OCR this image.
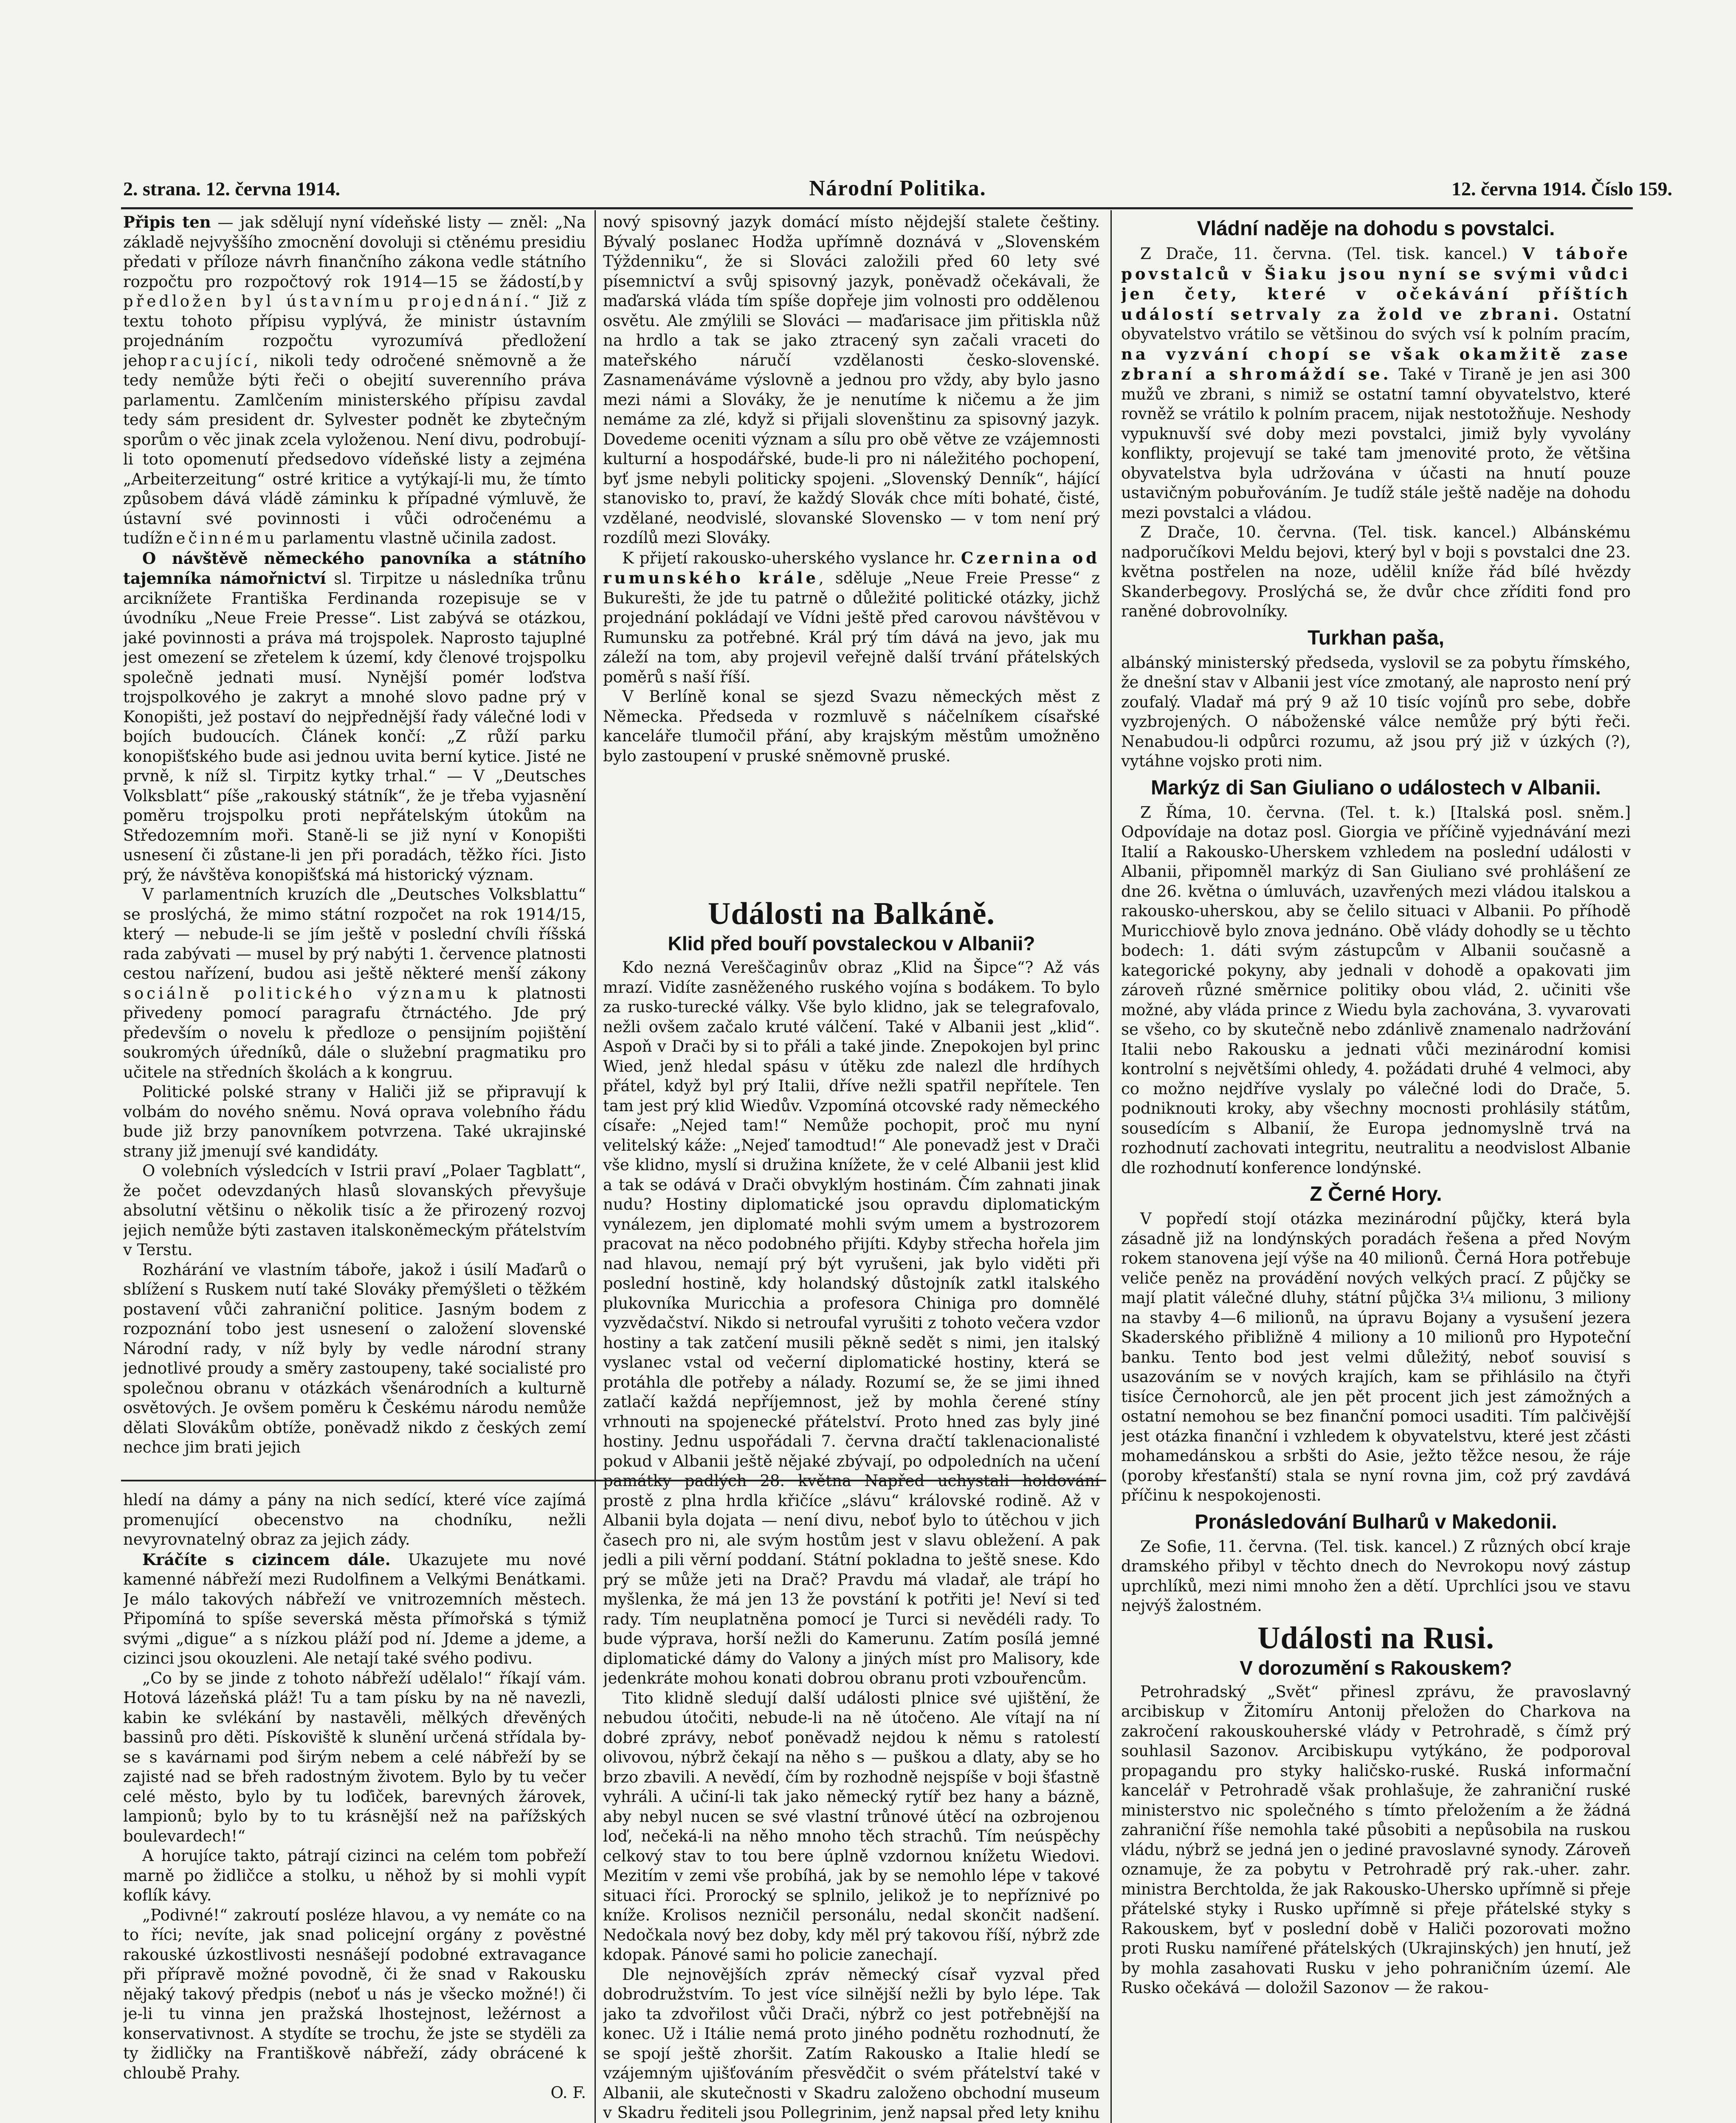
2. strana. 12. června 1914.	Národní Politika.	12. června 1914. Číslo 159.

Připis ten — jak sdělují nyní vídeňské listy — zněl: „Na základě nejvyššího zmocnění dovoluji si ctěnému presidiu předati v příloze návrh finančního zákona vedle státního rozpočtu pro rozpočtový rok 1914—15 se žádostí,by předložen byl ústavnímu projednání.“ Již z textu tohoto přípisu vyplývá, že ministr ústavním projednáním rozpočtu vyrozumívá předložení jehopracující, nikoli tedy odročené sněmovně a že tedy nemůže býti řeči o obejití suverenního práva parlamentu. Zamlčením ministerského přípisu zavdal tedy sám president dr. Sylvester podnět ke zbytečným sporům o věc jinak zcela vyloženou. Není divu, podrobují-li toto opomenutí předsedovo vídeňské listy a zejména „Arbeiterzeitung“ ostré kritice a vytýkají-li mu, že tímto způsobem dává vládě záminku k případné výmluvě, že ústavní své povinnosti i vůči odročenému a tudížnečinnému parlamentu vlastně učinila zadost.

O návštěvě německého panovníka a státního tajemníka námořnictví sl. Tirpitze u následníka trůnu arciknížete Františka Ferdinanda rozepisuje se v úvodníku „Neue Freie Presse“. List zabývá se otázkou, jaké povinnosti a práva má trojspolek. Naprosto tajuplné jest omezení se zřetelem k území, kdy členové trojspolku společně jednati musí. Nynější pomér loďstva trojspolkového je zakryt a mnohé slovo padne prý v Konopišti, jež postaví do nejpřednější řady válečné lodi v bojích budoucích. Článek končí: „Z růží parku konopišťského bude asi jednou uvita berní kytice. Jisté ne prvně, k níž sl. Tirpitz kytky trhal.“ — V „Deutsches Volksblatt“ píše „rakouský státník“, že je třeba vyjasnění poměru trojspolku proti nepřátelským útokům na Středozemním moři. Staně-li se již nyní v Konopišti usnesení či zůstane-li jen při poradách, těžko říci. Jisto prý, že návštěva konopišťská má historický význam.

V parlamentních kruzích dle „Deutsches Volksblattu“ se proslýchá, že mimo státní rozpočet na rok 1914/15, který — nebude-li se jím ještě v poslední chvíli říšská rada zabývati — musel by prý nabýti 1. července platnosti cestou nařízení, budou asi ještě některé menší zákony sociálně politického významu k platnosti přivedeny pomocí paragrafu čtrnáctého. Jde prý především o novelu k předloze o pensijním pojištění soukromých úředníků, dále o služební pragmatiku pro učitele na středních školách a k kongruu.

Politické polské strany v Haliči již se připravují k volbám do nového sněmu. Nová oprava volebního řádu bude již brzy panovníkem potvrzena. Také ukrajinské strany již jmenují své kandidáty.

O volebních výsledcích v Istrii praví „Polaer Tagblatt“, že počet odevzdaných hlasů slovanských převyšuje absolutní většinu o několik tisíc a že přirozený rozvoj jejich nemůže býti zastaven italskoněmeckým přátelstvím v Terstu.

Rozhárání ve vlastním táboře, jakož i úsilí Maďarů o sblížení s Ruskem nutí také Slováky přemýšleti o těžkém postavení vůči zahraniční politice. Jasným bodem z rozpoznání tobo jest usnesení o založení slovenské Národní rady, v níž byly by vedle národní strany jednotlivé proudy a směry zastoupeny, také socialisté pro společnou obranu v otázkách všenárodních a kulturně osvětových. Je ovšem poměru k Českému národu nemůže dělati Slovákům obtíže, poněvadž nikdo z českých zemí nechce jim brati jejich

hledí na dámy a pány na nich sedící, které více zajímá promenující obecenstvo na chodníku, nežli nevyrovnatelný obraz za jejich zády.

Kráčíte s cizincem dále. Ukazujete mu nové kamenné nábřeží mezi Rudolfinem a Velkými Benátkami. Je málo takových nábřeží ve vnitrozemních městech. Připomíná to spíše severská města přímořská s týmiž svými „digue“ a s nízkou pláží pod ní. Jdeme a jdeme, a cizinci jsou okouzleni. Ale netají také svého podivu.

„Co by se jinde z tohoto nábřeží udělalo!“ říkají vám. Hotová lázeňská pláž! Tu a tam písku by na ně navezli, kabin ke svlékání by nastavěli, mělkých dřevěných bassinů pro děti. Pískoviště k slunění určená střídala by-se s kavárnami pod širým nebem a celé nábřeží by se zajisté nad se břeh radostným životem. Bylo by tu večer celé město, bylo by tu loďiček, barevných žárovek, lampionů; bylo by to tu krásnější než na pařížských boulevardech!“

A horujíce takto, pátrají cizinci na celém tom pobřeží marně po židličce a stolku, u něhož by si mohli vypít koflík kávy.

„Podivné!“ zakroutí posléze hlavou, a vy nemáte co na to říci; nevíte, jak snad policejní orgány z pověstné rakouské úzkostlivosti nesnášejí podobné extravagance při přípravě možné povodně, či že snad v Rakousku nějaký takový předpis (neboť u nás je všecko možné!) či je-li tu vinna jen pražská lhostejnost, ležérnost a konservativnost. A stydíte se trochu, že jste se stydëli za ty židličky na Františkově nábřeží, zády obrácené k chloubě Prahy.

O. F.

nový spisovný jazyk domácí místo nějdejší stalete češtiny. Bývalý poslanec Hodža upřímně doznává v „Slovenském Týždenniku“, že si Slováci založili před 60 lety své písemnictví a svůj spisovný jazyk, poněvadž očekávali, že maďarská vláda tím spíše dopřeje jim volnosti pro oddělenou osvětu. Ale zmýlili se Slováci — maďarisace jim přitiskla nůž na hrdlo a tak se jako ztracený syn začali vraceti do mateřského náručí vzdělanosti česko-slovenské. Zasnamenáváme výslovně a jednou pro vždy, aby bylo jasno mezi námi a Slováky, že je nenutíme k ničemu a že jim nemáme za zlé, když si přijali slovenštinu za spisovný jazyk. Dovedeme oceniti význam a sílu pro obě větve ze vzájemnosti kulturní a hospodářské, bude-li pro ni náležitého pochopení, byť jsme nebyli politicky spojeni. „Slovenský Denník“, hájící stanovisko to, praví, že každý Slovák chce míti bohaté, čisté, vzdělané, neodvislé, slovanské Slovensko — v tom není prý rozdílů mezi Slováky.

K přijetí rakousko-uherského vyslance hr. Czernina od rumunského krále, sděluje „Neue Freie Presse“ z Bukurešti, že jde tu patrně o důležité politické otázky, jichž projednání pokládají ve Vídni ještě před carovou návštěvou v Rumunsku za potřebné. Král prý tím dává na jevo, jak mu záleží na tom, aby projevil veřejně další trvání přátelských poměrů s naší říší.

V Berlíně konal se sjezd Svazu německých měst z Německa. Předseda v rozmluvě s náčelníkem císařské kanceláře tlumočil přání, aby krajským městům umožněno bylo zastoupení v pruské sněmovně pruské.

Události na Balkáně.
Klid před bouří povstaleckou v Albanii?

Kdo nezná Vereščaginův obraz „Klid na Šipce“? Až vás mrazí. Vidíte zasněženého ruského vojína s bodákem. To bylo za rusko-turecké války. Vše bylo klidno, jak se telegrafovalo, nežli ovšem začalo kruté válčení. Také v Albanii jest „klid“. Aspoň v Drači by si to přáli a také jinde. Znepokojen byl princ Wied, jenž hledal spásu v útěku zde nalezl dle hrdíhych přátel, když byl prý Italii, dříve nežli spatřil nepřítele. Ten tam jest prý klid Wiedův. Vzpomíná otcovské rady německého císaře: „Nejed tam!“ Nemůže pochopit, proč mu nyní velitelský káže: „Nejeď tamodtud!“ Ale ponevadž jest v Drači vše klidno, myslí si družina knížete, že v celé Albanii jest klid a tak se odává v Drači obvyklým hostinám. Čím zahnati jinak nudu? Hostiny diplomatické jsou opravdu diplomatickým vynálezem, jen diplomaté mohli svým umem a bystrozorem pracovat na něco podobného přijíti. Kdyby střecha hořela jim nad hlavou, nemají prý být vyrušeni, jak bylo viděti při poslední hostině, kdy holandský důstojník zatkl italského plukovníka Muricchia a profesora Chiniga pro domnělé vyzvědačství. Nikdo si netroufal vyrušiti z tohoto večera vzdor hostiny a tak zatčení musili pěkně sedět s nimi, jen italský vyslanec vstal od večerní diplomatické hostiny, která se protáhla dle potřeby a nálady. Rozumí se, že se jimi ihned zatlačí každá nepříjemnost, jež by mohla čerené stíny vrhnouti na spojenecké přátelství. Proto hned zas byly jiné hostiny. Jednu uspořádali 7. června dračtí taklenacionalisté pokud v Albanii ještě nějaké zbývají, po odpoledních na učení památky padlých 28. května Napřed uchystali holdování prostě z plna hrdla křičíce „slávu“ královské rodině. Až v Albanii byla dojata — není divu, neboť bylo to útěchou v jich časech pro ni, ale svým hostům jest v slavu obležení. A pak jedli a pili věrní poddaní. Státní pokladna to ještě snese. Kdo prý se může jeti na Drač? Pravdu má vladař, ale trápí ho myšlenka, že má jen 13 že povstání k potřiti je! Neví si teď rady. Tím neuplatněna pomocí je Turci si nevědéli rady. To bude výprava, horší nežli do Kamerunu. Zatím posílá jemné diplomatické dámy do Valony a jiných míst pro Malisory, kde jedenkráte mohou konati dobrou obranu proti vzbouřencům.

Tito klidně sledují další události plnice své ujištění, že nebudou útočiti, nebude-li na ně útočeno. Ale vítají na ní dobré zprávy, neboť poněvadž nejdou k němu s ratolestí olivovou, nýbrž čekají na něho s — puškou a dlaty, aby se ho brzo zbavili. A nevědí, čím by rozhodně nejspíše v boji šťastně vyhráli. A učiní-li tak jako německý rytíř bez hany a bázně, aby nebyl nucen se své vlastní trůnové útěcí na ozbrojenou loď, nečeká-li na něho mnoho těch strachů. Tím neúspěchy celkový stav to tou bere úplně vzdornou knížetu Wiedovi. Mezitím v zemi vše probíhá, jak by se nemohlo lépe v takové situaci říci. Prorocký se splnilo, jelikož je to nepříznivé po kníže. Krolisos nezničil personálu, nedal skončit nadšení. Nedočkala nový bez doby, kdy měl prý takovou říší, nýbrž zde kdopak. Pánové sami ho policie zanechají.

Dle nejnovějších zpráv německý císař vyzval před dobrodružstvím. To jest více silnější nežli by bylo lépe. Tak jako ta zdvořilost vůči Drači, nýbrž co jest potřebnější na konec. Už i Itálie nemá proto jiného podnětu rozhodnutí, že se spojí ještě zhoršit. Zatím Rakousko a Italie hledí se vzájemným ujišťováním přesvědčit o svém přátelství také v Albanii, ale skutečnosti v Skadru založeno obchodní museum v Skadru řediteli jsou Pollegrinim, jenž napsal před lety knihu

Vládní naděje na dohodu s povstalci.

Z Drače, 11. června. (Tel. tisk. kancel.) V táboře povstalců v Šiaku jsou nyní se svými vůdci jen čety, které v očekávání příštích událostí setrvaly za žold ve zbrani. Ostatní obyvatelstvo vrátilo se většinou do svých vsí k polním pracím, na vyzvání chopí se však okamžitě zase zbraní a shromáždí se. Také v Tiraně je jen asi 300 mužů ve zbrani, s nimiž se ostatní tamní obyvatelstvo, které rovněž se vrátilo k polním pracem, nijak nestotožňuje. Neshody vypuknuvší své doby mezi povstalci, jimiž byly vyvolány konflikty, projevují se také tam jmenovité proto, že většina obyvatelstva byla udržována v účasti na hnutí pouze ustavičným pobuřováním. Je tudíž stále ještě naděje na dohodu mezi povstalci a vládou.

Z Drače, 10. června. (Tel. tisk. kancel.) Albánskému nadporučíkovi Meldu bejovi, který byl v boji s povstalci dne 23. května postřelen na noze, udělil kníže řád bílé hvězdy Skanderbegovy. Proslýchá se, že dvůr chce zříditi fond pro raněné dobrovolníky.

Turkhan paša,

albánský ministerský předseda, vyslovil se za pobytu římského, že dnešní stav v Albanii jest více zmotaný, ale naprosto není prý zoufalý. Vladař má prý 9 až 10 tisíc vojínů pro sebe, dobře vyzbrojených. O náboženské válce nemůže prý býti řeči. Nenabudou-li odpůrci rozumu, až jsou prý již v úzkých (?), vytáhne vojsko proti nim.

Markýz di San Giuliano o událostech v Albanii.

Z Říma, 10. června. (Tel. t. k.) [Italská posl. sněm.] Odpovídaje na dotaz posl. Giorgia ve příčině vyjednávání mezi Italií a Rakousko-Uherskem vzhledem na poslední události v Albanii, připomněl markýz di San Giuliano své prohlášení ze dne 26. května o úmluvách, uzavřených mezi vládou italskou a rakousko-uherskou, aby se čelilo situaci v Albanii. Po příhodě Muricchiově bylo znova jednáno. Obě vlády dohodly se u těchto bodech: 1. dáti svým zástupcům v Albanii současně a kategorické pokyny, aby jednali v dohodě a opakovati jim zároveň různé směrnice politiky obou vlád, 2. učiniti vše možné, aby vláda prince z Wiedu byla zachována, 3. vyvarovati se všeho, co by skutečně nebo zdánlivě znamenalo nadržování Italii nebo Rakousku a jednati vůči mezinárodní komisi kontrolní s největšími ohledy, 4. požádati druhé 4 velmoci, aby co možno nejdříve vyslaly po válečné lodi do Drače, 5. podniknouti kroky, aby všechny mocnosti prohlásily státům, sousedícím s Albanií, že Europa jednomyslně trvá na rozhodnutí zachovati integritu, neutralitu a neodvislost Albanie dle rozhodnutí konference londýnské.

Z Černé Hory.

V popředí stojí otázka mezinárodní půjčky, která byla zásadně již na londýnských poradách řešena a před Novým rokem stanovena její výše na 40 milionů. Černá Hora potřebuje veliče peněz na provádění nových velkých prací. Z půjčky se mají platit válečné dluhy, státní půjčka 3¼ milionu, 3 miliony na stavby 4—6 milionů, na úpravu Bojany a vysušení jezera Skaderského přibližně 4 miliony a 10 milionů pro Hypoteční banku. Tento bod jest velmi důležitý, neboť souvisí s usazováním se v nových krajích, kam se přihlásilo na čtyři tisíce Černohorců, ale jen pět procent jich jest zámožných a ostatní nemohou se bez finanční pomoci usaditi. Tím palčivější jest otázka finanční i vzhledem k obyvatelstvu, které jest zčásti mohamedánskou a srbšti do Asie, ježto těžce nesou, že ráje (poroby křesťanští) stala se nyní rovna jim, což prý zavdává příčinu k nespokojenosti.

Pronásledování Bulharů v Makedonii.

Ze Sofie, 11. června. (Tel. tisk. kancel.) Z různých obcí kraje dramského přibyl v těchto dnech do Nevrokopu nový zástup uprchlíků, mezi nimi mnoho žen a dětí. Uprchlíci jsou ve stavu nejvýš žalostném.

Události na Rusi.
V dorozumění s Rakouskem?

Petrohradský „Svět“ přinesl zprávu, že pravoslavný arcibiskup v Žitomíru Antonij přeložen do Charkova na zakročení rakouskouherské vlády v Petrohradě, s čímž prý souhlasil Sazonov. Arcibiskupu vytýkáno, že podporoval propagandu pro styky haličsko-ruské. Ruská informační kancelář v Petrohradě však prohlašuje, že zahraniční ruské ministerstvo nic společného s tímto přeložením a že žádná zahraniční říše nemohla také působiti a nepůsobila na ruskou vládu, nýbrž se jedná jen o jediné pravoslavné synody. Zároveň oznamuje, že za pobytu v Petrohradě prý rak.-uher. zahr. ministra Berchtolda, že jak Rakousko-Uhersko upřímně si přeje přátelské styky i Rusko upřímně si přeje přátelské styky s Rakouskem, byť v poslední době v Haliči pozorovati možno proti Rusku namířené přátelských (Ukrajinských) jen hnutí, jež by mohla zasahovati Rusku v jeho pohraničním území. Ale Rusko očekává — doložil Sazonov — že rakou-
